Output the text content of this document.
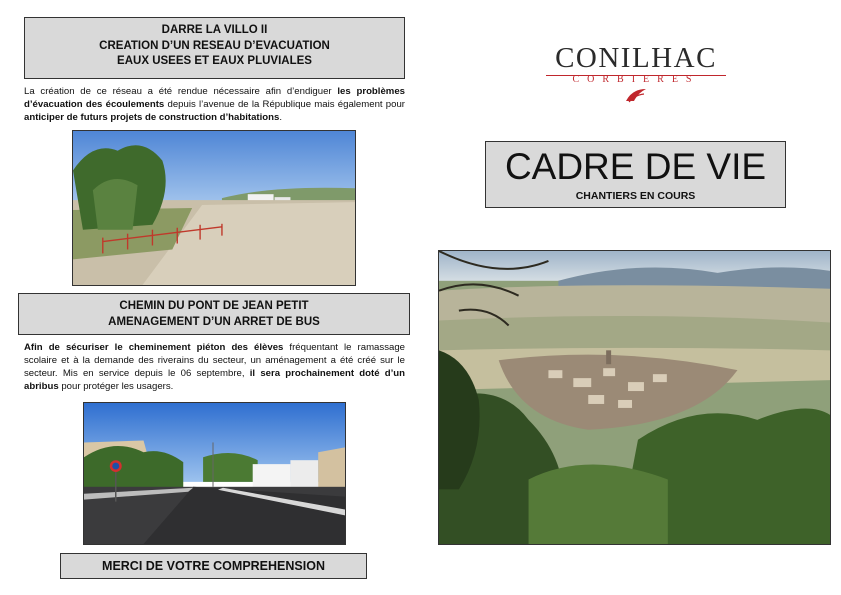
DARRE LA VILLO II
CREATION D’UN RESEAU D’EVACUATION
EAUX USEES ET EAUX PLUVIALES

La création de ce réseau a été rendue nécessaire afin d’endiguer les problèmes d’évacuation des écoulements depuis l’avenue de la République mais également pour anticiper de futurs projets de construction d’habitations.

CHEMIN DU PONT DE JEAN PETIT
AMENAGEMENT D’UN ARRET DE BUS

Afin de sécuriser le cheminement piéton des élèves fréquentant le ramassage scolaire et à la demande des riverains du secteur, un aménagement a été créé sur le secteur. Mis en service depuis le 06 septembre, il sera prochainement doté d’un abribus pour protéger les usagers.

MERCI DE VOTRE COMPREHENSION
CONILHAC
CORBIERES
CADRE DE VIE
CHANTIERS EN COURS
